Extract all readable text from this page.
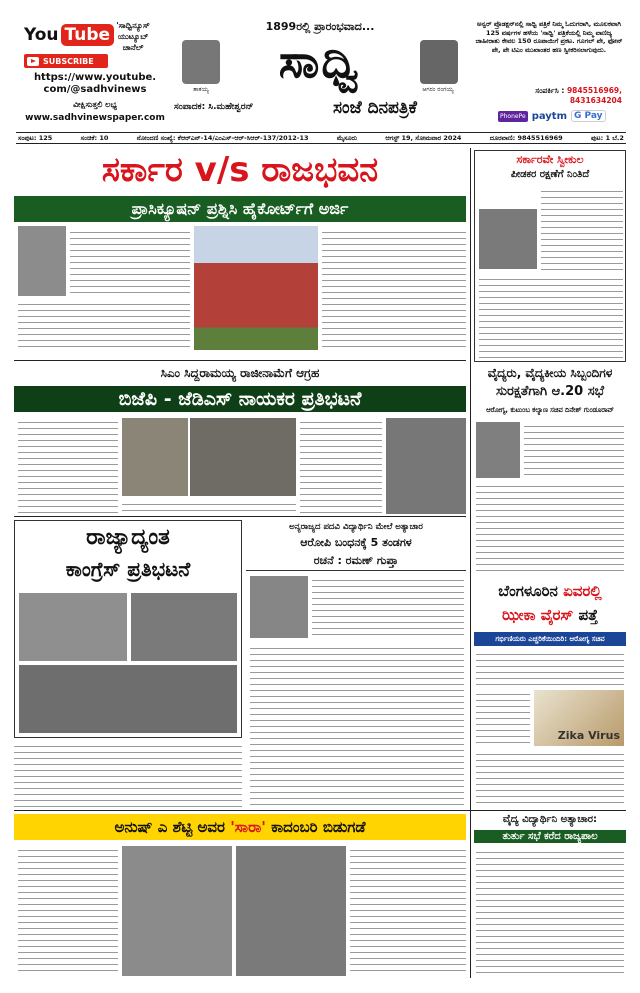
You Tube 'ಸಾಧ್ವಿನ್ಯೂಸ್
ಯುಟ್ಯೂಬ್
ಚಾನೆಲ್
SUBSCRIBE
https://www.youtube.
com/@sadhvinews
ವೀಕ್ಷಿಸುತ್ತಲಿ ಲಭ್ಯ
www.sadhvinewspaper.com
1899ರಲ್ಲಿ ಪ್ರಾರಂಭವಾದ...
ತಾತಯ್ಯ
ಸಾಧ್ವಿ
ಆಗರಂ ರಂಗಯ್ಯ
ಸಂಪಾದಕ: ಸಿ.ಮಹೇಶ್ವರನ್	ಸಂಜೆ ದಿನಪತ್ರಿಕೆ
ಅನ್ವರ್ ಪ್ರೊಡಕ್ಷನ್‌ನಲ್ಲಿ ಸಾಧ್ವಿ ಪತ್ರಿಕೆ ನಿಮ್ಮ ಓದುಗರಾಗಿ, ಮೂಲಕವಾಗಿ 125 ವರ್ಷಗಳ ಹಳೆಯ 'ಸಾಧ್ವಿ' ಪತ್ರಿಕೆಯಲ್ಲಿ ನಿಮ್ಮ ವಾಣಿಜ್ಯ ಜಾಹೀರಾತು ಕೇವಲ 150 ರೂಪಾಯಿಗೆ ಪ್ರಕಟ. ಗೂಗಲ್ ಪೇ, ಫೋನ್ ಪೇ, ಪೇ ಟಿಎಂ ಮುಖಾಂತರ ಹಣ ಸ್ವೀಕರಿಸಲಾಗುವುದು.
ಸಂಪರ್ಕಿಸಿ : 9845516969, 8431634204
PhonePe paytm G Pay
ಸಂಪುಟ: 125	ಸಂಚಿಕೆ: 10	ನೋಂದಣಿ ಸಂಖ್ಯೆ: ಕೆಆರ್‌ಎನ್-14/ಎಂಎಸ್-ಆರ್-ಸಿಆರ್-137/2012-13	ಮೈಸೂರು	ಆಗಸ್ಟ್ 19, ಸೋಮವಾರ 2024	ದೂರವಾಣಿ: 9845516969	ಪುಟ: 1 ಬೆ.2
ಸರ್ಕಾರ v/s ರಾಜಭವನ
ಪ್ರಾಸಿಕ್ಯೂಷನ್ ಪ್ರಶ್ನಿಸಿ ಹೈಕೋರ್ಟ್‌ಗೆ ಅರ್ಜಿ
ಸರ್ಕಾರವೇ ಸ್ವೀಕುಲ
ಪೀಡಕರ ರಕ್ಷಣೆಗೆ ನಿಂತಿದೆ
ಸಿಎಂ ಸಿದ್ದರಾಮಯ್ಯ ರಾಜೀನಾಮೆಗೆ ಆಗ್ರಹ
ಬಿಜೆಪಿ - ಜೆಡಿಎಸ್ ನಾಯಕರ ಪ್ರತಿಭಟನೆ
ವೈದ್ಯರು, ವೈದ್ಯಕೀಯ ಸಿಬ್ಬಂದಿಗಳ
ಸುರಕ್ಷತೆಗಾಗಿ ಆ.20 ಸಭೆ
ಆರೋಗ್ಯ, ಕುಟುಂಬ ಕಲ್ಯಾಣ ಸಚಿವ ದಿನೇಶ್ ಗುಂಡೂರಾವ್
ರಾಜ್ಯಾದ್ಯಂತ
ಕಾಂಗ್ರೆಸ್ ಪ್ರತಿಭಟನೆ
ಅನ್ಯರಾಜ್ಯದ ಪದವಿ ವಿದ್ಯಾರ್ಥಿನಿ ಮೇಲೆ ಅತ್ಯಾಚಾರ
ಆರೋಪಿ ಬಂಧನಕ್ಕೆ 5 ತಂಡಗಳ
ರಚನೆ : ರಮಣ್ ಗುಪ್ತಾ
ಬೆಂಗಳೂರಿನ ಏವರಲ್ಲಿ
ಝೀಕಾ ವೈರಸ್ ಪತ್ತೆ
ಗರ್ಭಿಣಿಯರು ಎಚ್ಚರಿಕೆಯಿಂದಿರಿ: ಆರೋಗ್ಯ ಸಚಿವ
Zika Virus
ಅನುಷ್ ಎ ಶೆಟ್ಟಿ ಅವರ 'ಸಾರಾ' ಕಾದಂಬರಿ ಬಿಡುಗಡೆ	ವೈದ್ಯ ವಿದ್ಯಾರ್ಥಿನಿ ಅತ್ಯಾಚಾರ:
ತುರ್ತು ಸಭೆ ಕರೆದ ರಾಜ್ಯಪಾಲ
